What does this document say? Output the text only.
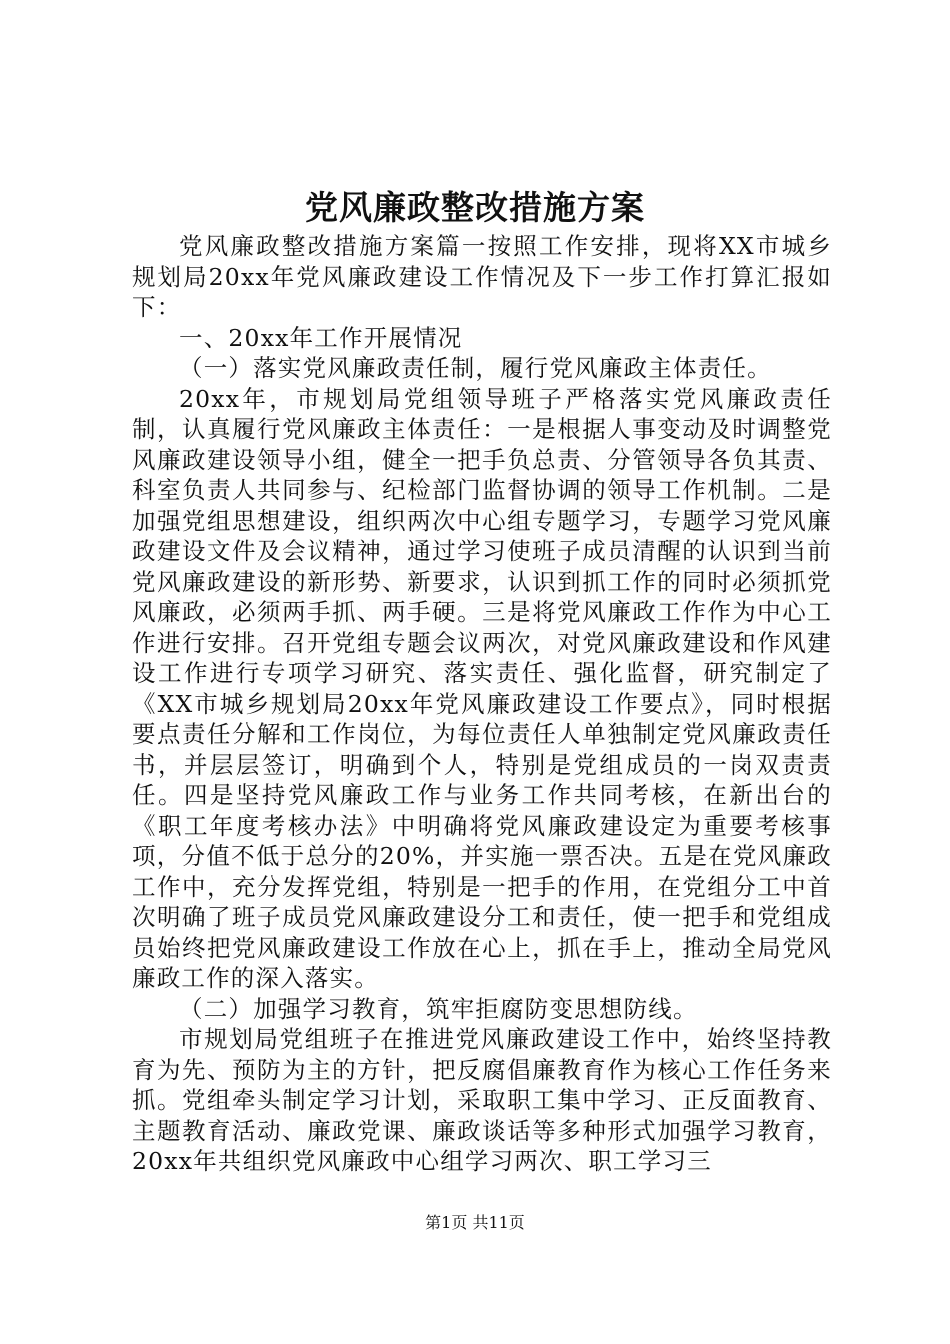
党风廉政整改措施方案

党风廉政整改措施方案篇一按照工作安排，现将XX市城乡规划局20xx年党风廉政建设工作情况及下一步工作打算汇报如下：

一、20xx年工作开展情况

（一）落实党风廉政责任制，履行党风廉政主体责任。

20xx年，市规划局党组领导班子严格落实党风廉政责任制，认真履行党风廉政主体责任：一是根据人事变动及时调整党风廉政建设领导小组，健全一把手负总责、分管领导各负其责、科室负责人共同参与、纪检部门监督协调的领导工作机制。二是加强党组思想建设，组织两次中心组专题学习，专题学习党风廉政建设文件及会议精神，通过学习使班子成员清醒的认识到当前党风廉政建设的新形势、新要求，认识到抓工作的同时必须抓党风廉政，必须两手抓、两手硬。三是将党风廉政工作作为中心工作进行安排。召开党组专题会议两次，对党风廉政建设和作风建设工作进行专项学习研究、落实责任、强化监督，研究制定了《XX市城乡规划局20xx年党风廉政建设工作要点》，同时根据要点责任分解和工作岗位，为每位责任人单独制定党风廉政责任书，并层层签订，明确到个人，特别是党组成员的一岗双责责任。四是坚持党风廉政工作与业务工作共同考核，在新出台的《职工年度考核办法》中明确将党风廉政建设定为重要考核事项，分值不低于总分的20%，并实施一票否决。五是在党风廉政工作中，充分发挥党组，特别是一把手的作用，在党组分工中首次明确了班子成员党风廉政建设分工和责任，使一把手和党组成员始终把党风廉政建设工作放在心上，抓在手上，推动全局党风廉政工作的深入落实。

（二）加强学习教育，筑牢拒腐防变思想防线。

市规划局党组班子在推进党风廉政建设工作中，始终坚持教育为先、预防为主的方针，把反腐倡廉教育作为核心工作任务来抓。党组牵头制定学习计划，采取职工集中学习、正反面教育、主题教育活动、廉政党课、廉政谈话等多种形式加强学习教育，20xx年共组织党风廉政中心组学习两次、职工学习三

第1页 共11页
